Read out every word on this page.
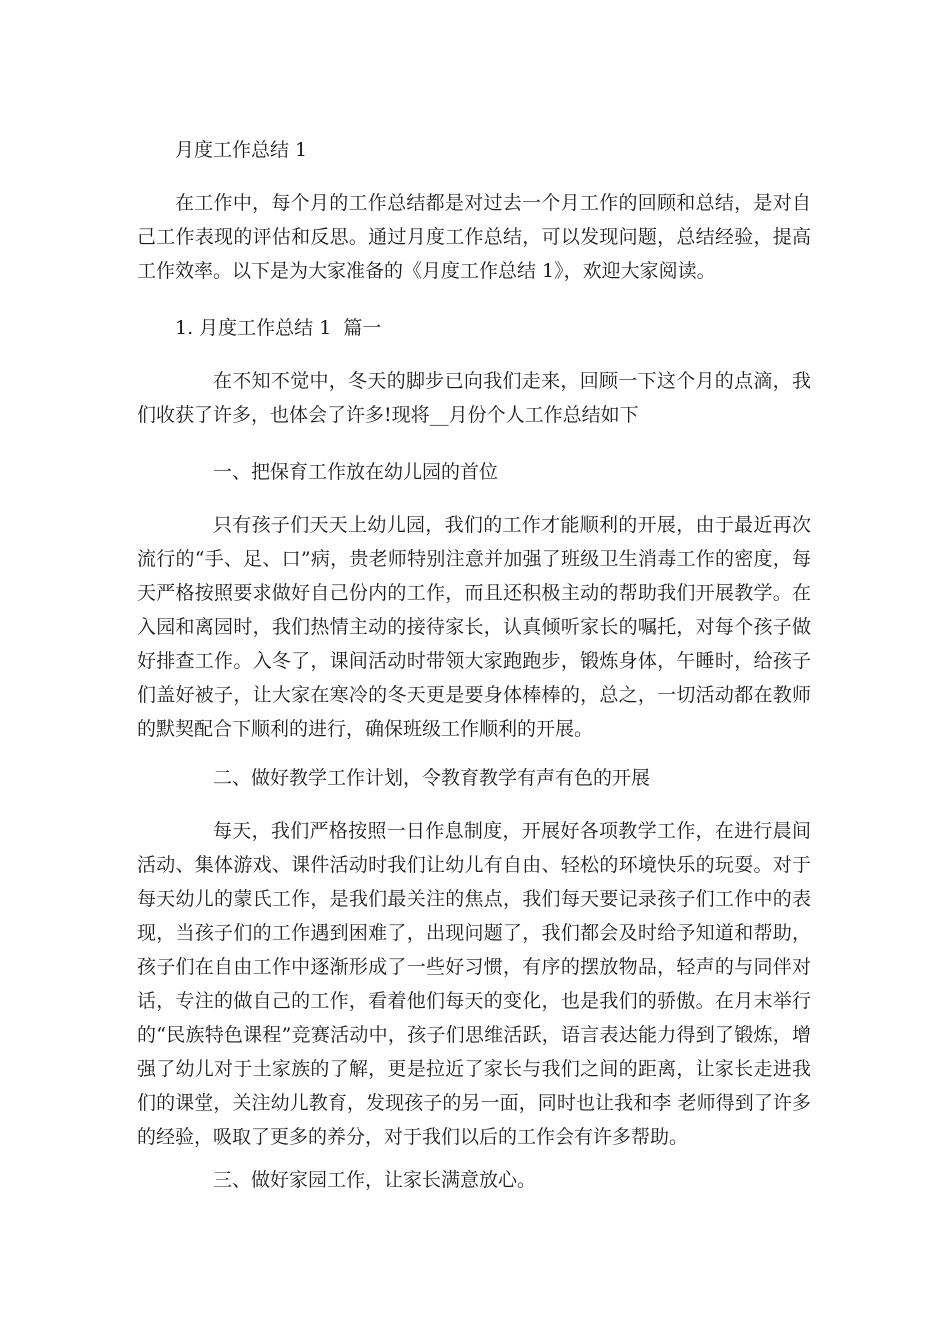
月度工作总结 1

在工作中，每个月的工作总结都是对过去一个月工作的回顾和总结，是对自己工作表现的评估和反思。通过月度工作总结，可以发现问题，总结经验，提高工作效率。以下是为大家准备的《月度工作总结 1》，欢迎大家阅读。

1. 月度工作总结 1  篇一

在不知不觉中，冬天的脚步已向我们走来，回顾一下这个月的点滴，我们收获了许多，也体会了许多!现将__月份个人工作总结如下

一、把保育工作放在幼儿园的首位

只有孩子们天天上幼儿园，我们的工作才能顺利的开展，由于最近再次流行的“手、足、口”病，贵老师特别注意并加强了班级卫生消毒工作的密度，每天严格按照要求做好自己份内的工作，而且还积极主动的帮助我们开展教学。在入园和离园时，我们热情主动的接待家长，认真倾听家长的嘱托，对每个孩子做好排查工作。入冬了，课间活动时带领大家跑跑步，锻炼身体，午睡时，给孩子们盖好被子，让大家在寒冷的冬天更是要身体棒棒的，总之，一切活动都在教师的默契配合下顺利的进行，确保班级工作顺利的开展。

二、做好教学工作计划，令教育教学有声有色的开展

每天，我们严格按照一日作息制度，开展好各项教学工作，在进行晨间活动、集体游戏、课件活动时我们让幼儿有自由、轻松的环境快乐的玩耍。对于每天幼儿的蒙氏工作，是我们最关注的焦点，我们每天要记录孩子们工作中的表现，当孩子们的工作遇到困难了，出现问题了，我们都会及时给予知道和帮助，孩子们在自由工作中逐渐形成了一些好习惯，有序的摆放物品，轻声的与同伴对话，专注的做自己的工作，看着他们每天的变化，也是我们的骄傲。在月末举行的“民族特色课程”竞赛活动中，孩子们思维活跃，语言表达能力得到了锻炼，增强了幼儿对于土家族的了解，更是拉近了家长与我们之间的距离，让家长走进我们的课堂，关注幼儿教育，发现孩子的另一面，同时也让我和李 老师得到了许多的经验，吸取了更多的养分，对于我们以后的工作会有许多帮助。

三、做好家园工作，让家长满意放心。
